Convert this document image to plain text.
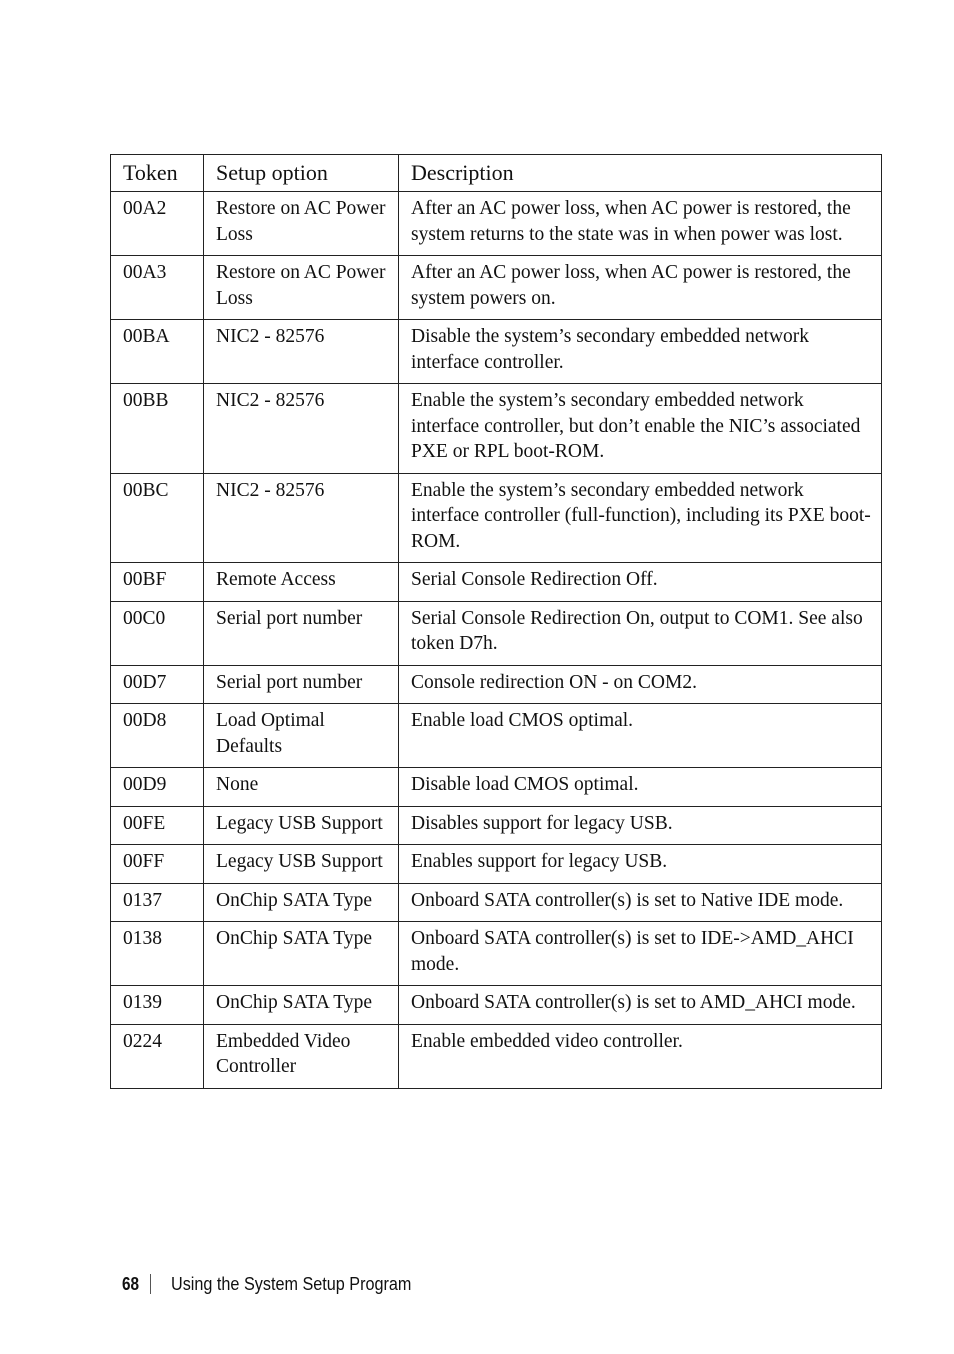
Token	Setup option	Description
00A2	Restore on AC Power Loss	After an AC power loss, when AC power is restored, the system returns to the state was in when power was lost.
00A3	Restore on AC Power Loss	After an AC power loss, when AC power is restored, the system powers on.
00BA	NIC2 - 82576	Disable the system’s secondary embedded network interface controller.
00BB	NIC2 - 82576	Enable the system’s secondary embedded network interface controller, but don’t enable the NIC’s associated PXE or RPL boot-ROM.
00BC	NIC2 - 82576	Enable the system’s secondary embedded network interface controller (full-function), including its PXE boot-ROM.
00BF	Remote Access	Serial Console Redirection Off.
00C0	Serial port number	Serial Console Redirection On, output to COM1. See also token D7h.
00D7	Serial port number	Console redirection ON - on COM2.
00D8	Load Optimal Defaults	Enable load CMOS optimal.
00D9	None	Disable load CMOS optimal.
00FE	Legacy USB Support	Disables support for legacy USB.
00FF	Legacy USB Support	Enables support for legacy USB.
0137	OnChip SATA Type	Onboard SATA controller(s) is set to Native IDE mode.
0138	OnChip SATA Type	Onboard SATA controller(s) is set to IDE->AMD_AHCI mode.
0139	OnChip SATA Type	Onboard SATA controller(s) is set to AMD_AHCI mode.
0224	Embedded Video Controller	Enable embedded video controller.
68 Using the System Setup Program
